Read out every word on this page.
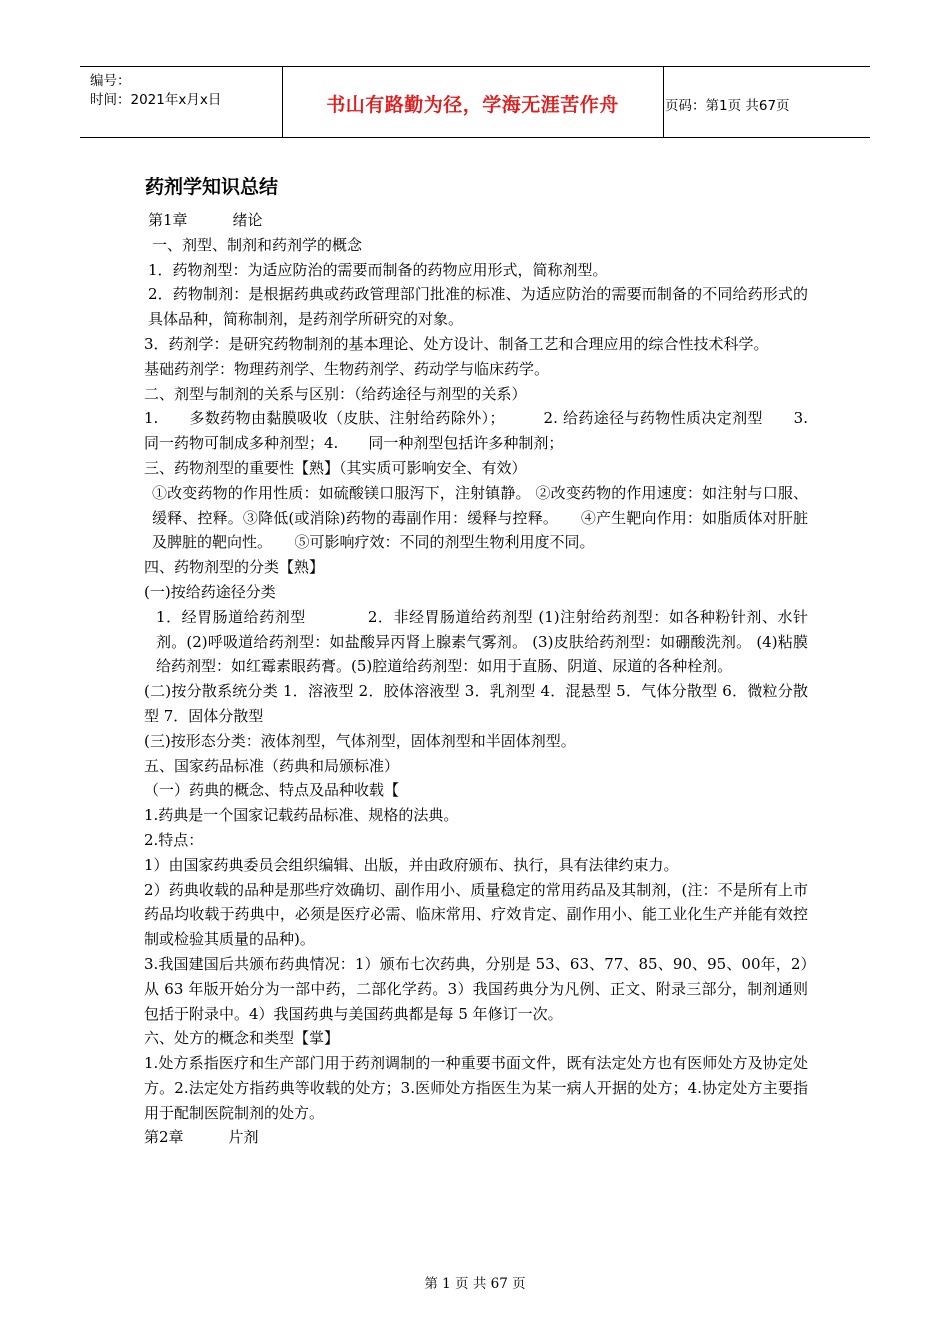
编号：
时间：2021年x月x日	书山有路勤为径，学海无涯苦作舟	页码：第1页 共67页
药剂学知识总结

第1章　　　绪论

一、剂型、制剂和药剂学的概念

1．药物剂型：为适应防治的需要而制备的药物应用形式，简称剂型。

2．药物制剂：是根据药典或药政管理部门批准的标准、为适应防治的需要而制备的不同给药形式的具体品种，简称制剂，是药剂学所研究的对象。

3．药剂学：是研究药物制剂的基本理论、处方设计、制备工艺和合理应用的综合性技术科学。

基础药剂学：物理药剂学、生物药剂学、药动学与临床药学。

二、剂型与制剂的关系与区别：（给药途径与剂型的关系）

1.　　多数药物由黏膜吸收（皮肤、注射给药除外）；　　　2. 给药途径与药物性质决定剂型　　3.　　同一药物可制成多种剂型；4.　　同一种剂型包括许多种制剂；

三、药物剂型的重要性【熟】（其实质可影响安全、有效）

①改变药物的作用性质：如硫酸镁口服泻下，注射镇静。 ②改变药物的作用速度：如注射与口服、缓释、控释。③降低(或消除)药物的毒副作用：缓释与控释。　　④产生靶向作用：如脂质体对肝脏及脾脏的靶向性。　　⑤可影响疗效：不同的剂型生物利用度不同。

四、药物剂型的分类【熟】

(一)按给药途径分类

1．经胃肠道给药剂型　　　　2．非经胃肠道给药剂型 (1)注射给药剂型：如各种粉针剂、水针剂。(2)呼吸道给药剂型：如盐酸异丙肾上腺素气雾剂。 (3)皮肤给药剂型：如硼酸洗剂。 (4)粘膜给药剂型：如红霉素眼药膏。(5)腔道给药剂型：如用于直肠、阴道、尿道的各种栓剂。

(二)按分散系统分类 1．溶液型 2．胶体溶液型 3．乳剂型 4．混悬型 5．气体分散型 6．微粒分散型 7．固体分散型

(三)按形态分类：液体剂型，气体剂型，固体剂型和半固体剂型。

五、国家药品标准（药典和局颁标准）

（一）药典的概念、特点及品种收载【

1.药典是一个国家记载药品标准、规格的法典。

2.特点：

1）由国家药典委员会组织编辑、出版，并由政府颁布、执行，具有法律约束力。

2）药典收载的品种是那些疗效确切、副作用小、质量稳定的常用药品及其制剂，(注：不是所有上市药品均收载于药典中，必须是医疗必需、临床常用、疗效肯定、副作用小、能工业化生产并能有效控制或检验其质量的品种)。

3.我国建国后共颁布药典情况：1）颁布七次药典，分别是 53、63、77、85、90、95、00年，2）从 63 年版开始分为一部中药，二部化学药。3）我国药典分为凡例、正文、附录三部分，制剂通则包括于附录中。4）我国药典与美国药典都是每 5 年修订一次。

六、处方的概念和类型【掌】

1.处方系指医疗和生产部门用于药剂调制的一种重要书面文件，既有法定处方也有医师处方及协定处方。2.法定处方指药典等收载的处方；3.医师处方指医生为某一病人开据的处方；4.协定处方主要指用于配制医院制剂的处方。

第2章　　　片剂

第 1 页 共 67 页
